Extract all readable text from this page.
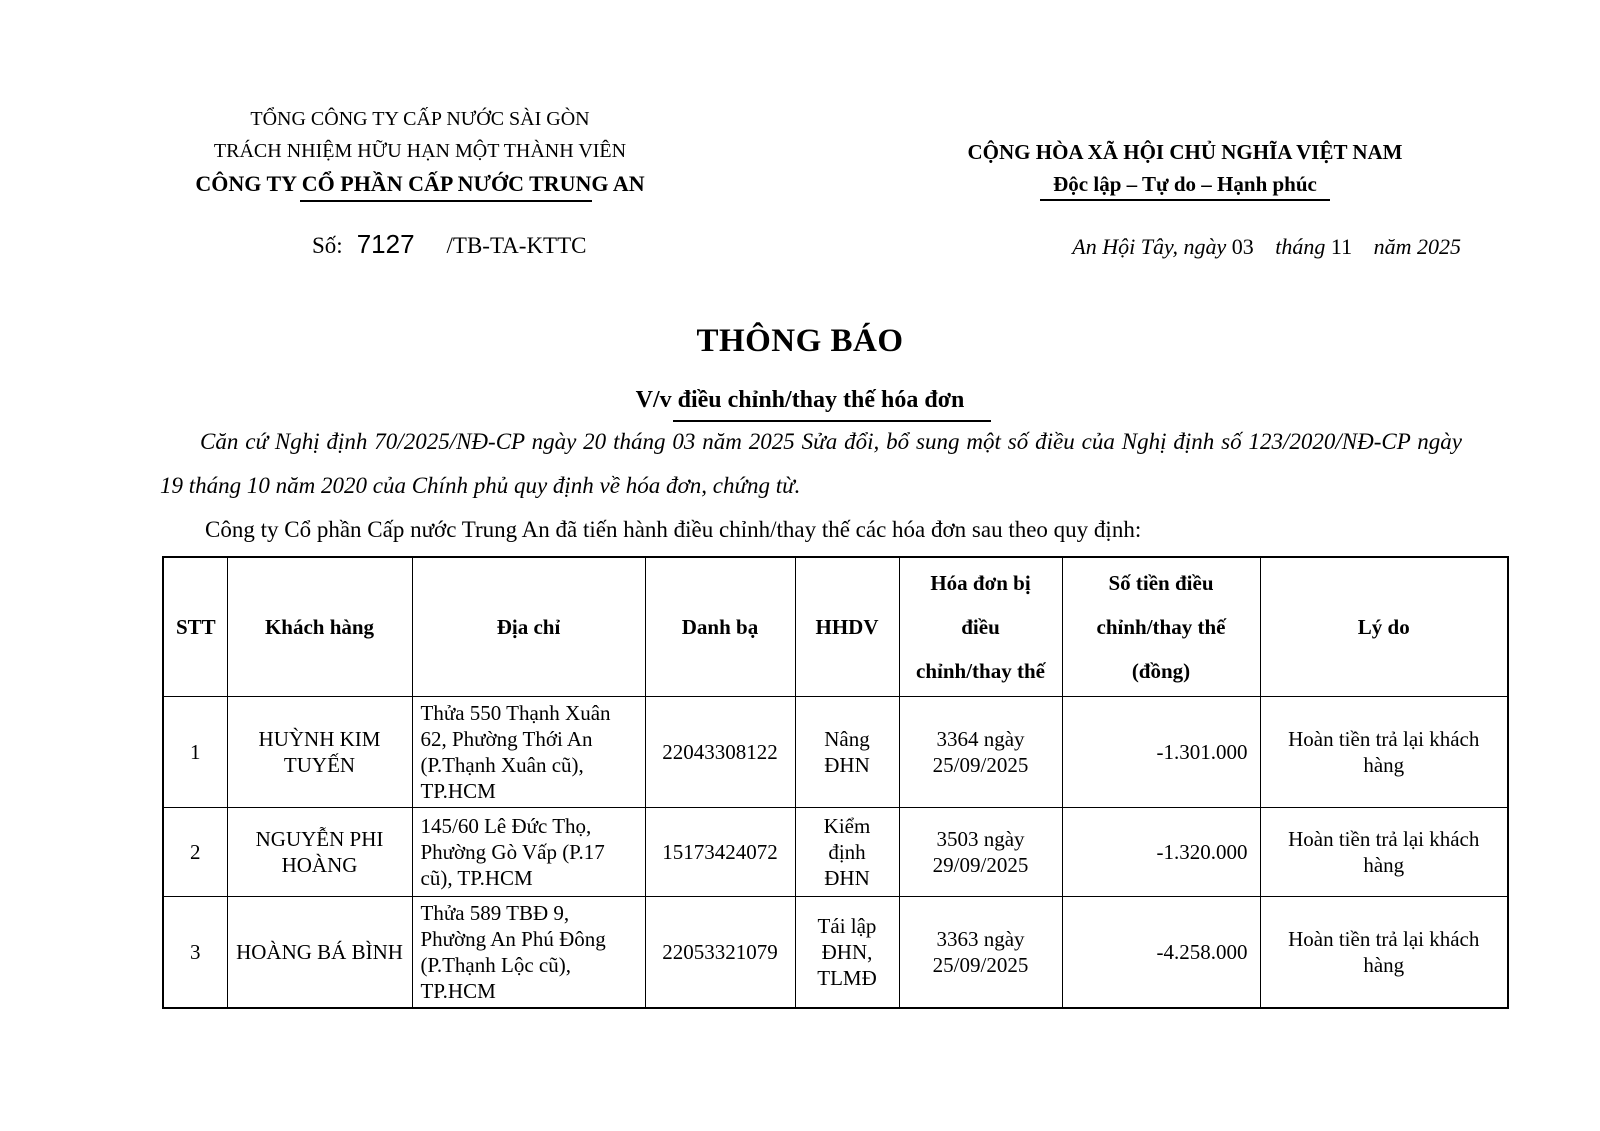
TỔNG CÔNG TY CẤP NƯỚC SÀI GÒN
TRÁCH NHIỆM HỮU HẠN MỘT THÀNH VIÊN
CÔNG TY CỔ PHẦN CẤP NƯỚC TRUNG AN
Số: 7127 /TB-TA-KTTC
CỘNG HÒA XÃ HỘI CHỦ NGHĨA VIỆT NAM
Độc lập – Tự do – Hạnh phúc
An Hội Tây, ngày 03 tháng 11 năm 2025
THÔNG BÁO

V/v điều chỉnh/thay thế hóa đơn

Căn cứ Nghị định 70/2025/NĐ-CP ngày 20 tháng 03 năm 2025 Sửa đổi, bổ sung một số điều của Nghị định số 123/2020/NĐ-CP ngày 19 tháng 10 năm 2020 của Chính phủ quy định về hóa đơn, chứng từ.

Công ty Cổ phần Cấp nước Trung An đã tiến hành điều chỉnh/thay thế các hóa đơn sau theo quy định:

STT	Khách hàng	Địa chỉ	Danh bạ	HHDV	Hóa đơn bị điều chỉnh/thay thế	Số tiền điều chỉnh/thay thế (đồng)	Lý do
1	HUỲNH KIM TUYẾN	Thửa 550 Thạnh Xuân 62, Phường Thới An (P.Thạnh Xuân cũ), TP.HCM	22043308122	Nâng ĐHN	3364 ngày 25/09/2025	-1.301.000	Hoàn tiền trả lại khách hàng
2	NGUYỄN PHI HOÀNG	145/60 Lê Đức Thọ, Phường Gò Vấp (P.17 cũ), TP.HCM	15173424072	Kiểm định ĐHN	3503 ngày 29/09/2025	-1.320.000	Hoàn tiền trả lại khách hàng
3	HOÀNG BÁ BÌNH	Thửa 589 TBĐ 9, Phường An Phú Đông (P.Thạnh Lộc cũ), TP.HCM	22053321079	Tái lập ĐHN, TLMĐ	3363 ngày 25/09/2025	-4.258.000	Hoàn tiền trả lại khách hàng
